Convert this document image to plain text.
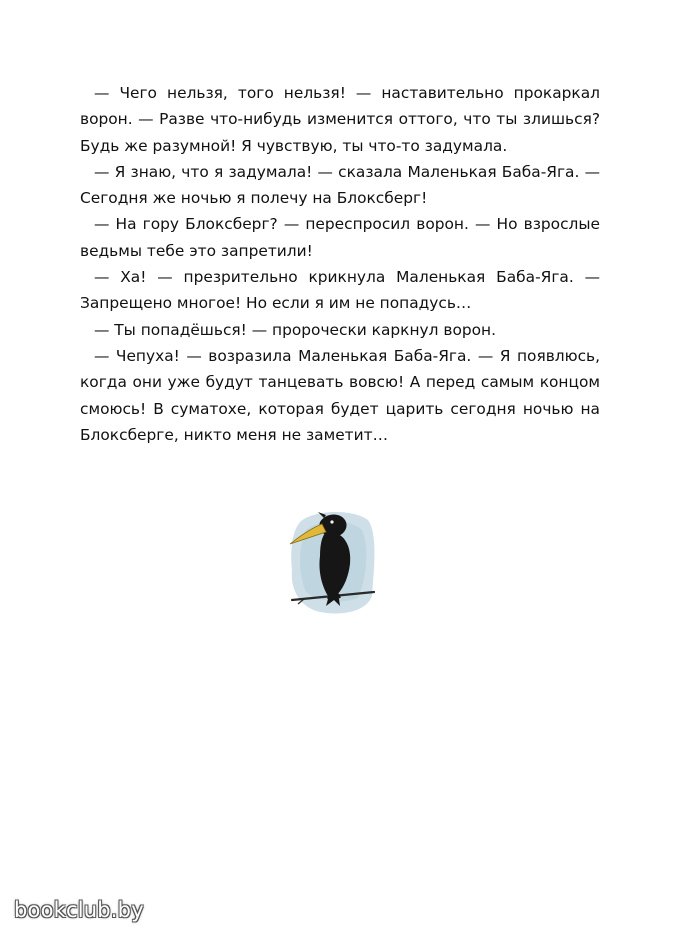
— Чего нельзя, того нельзя! — наставительно прокаркал ворон. — Разве что-нибудь изменится оттого, что ты злишься? Будь же разумной! Я чувствую, ты что-то задумала.

— Я знаю, что я задумала! — сказала Маленькая Баба-Яга. — Сегодня же ночью я полечу на Блоксберг!

— На гору Блоксберг? — переспросил ворон. — Но взрослые ведьмы тебе это запретили!

— Ха! — презрительно крикнула Маленькая Баба-Яга. — Запрещено многое! Но если я им не попадусь…

— Ты попадёшься! — пророчески каркнул ворон.

— Чепуха! — возразила Маленькая Баба-Яга. — Я появлюсь, когда они уже будут танцевать вовсю! А перед самым концом смоюсь! В суматохе, которая будет царить сегодня ночью на Блоксберге, никто меня не заметит…

bookclub.by
